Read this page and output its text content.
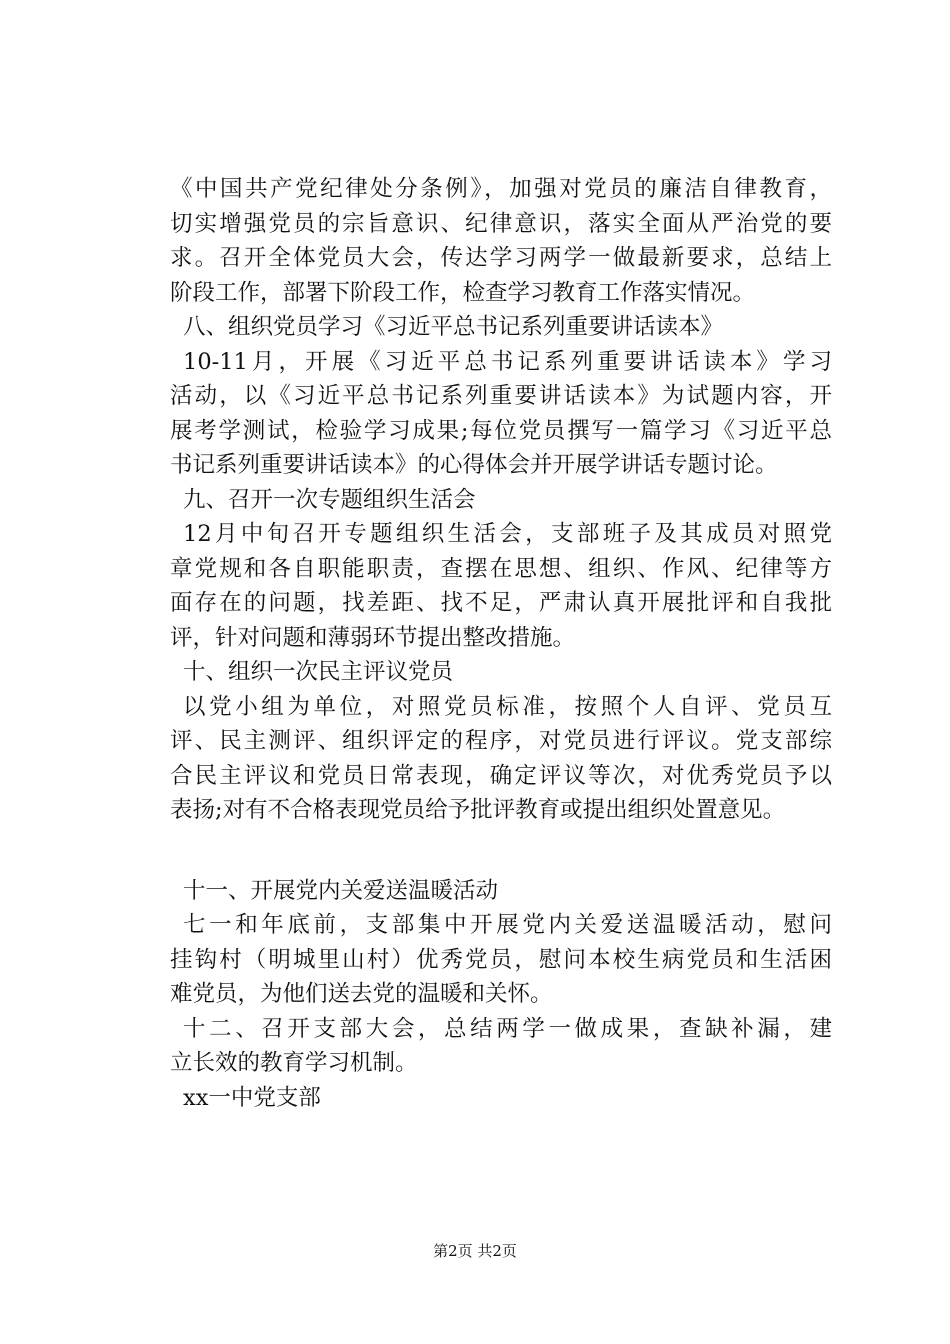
《中国共产党纪律处分条例》，加强对党员的廉洁自律教育，
切实增强党员的宗旨意识、纪律意识，落实全面从严治党的要
求。召开全体党员大会，传达学习两学一做最新要求，总结上
阶段工作，部署下阶段工作，检查学习教育工作落实情况。
八、组织党员学习《习近平总书记系列重要讲话读本》
10-11月，开展《习近平总书记系列重要讲话读本》学习
活动，以《习近平总书记系列重要讲话读本》为试题内容，开
展考学测试，检验学习成果;每位党员撰写一篇学习《习近平总
书记系列重要讲话读本》的心得体会并开展学讲话专题讨论。
九、召开一次专题组织生活会
12月中旬召开专题组织生活会，支部班子及其成员对照党
章党规和各自职能职责，查摆在思想、组织、作风、纪律等方
面存在的问题，找差距、找不足，严肃认真开展批评和自我批
评，针对问题和薄弱环节提出整改措施。
十、组织一次民主评议党员
以党小组为单位，对照党员标准，按照个人自评、党员互
评、民主测评、组织评定的程序，对党员进行评议。党支部综
合民主评议和党员日常表现，确定评议等次，对优秀党员予以
表扬;对有不合格表现党员给予批评教育或提出组织处置意见。
十一、开展党内关爱送温暖活动
七一和年底前，支部集中开展党内关爱送温暖活动，慰问
挂钩村（明城里山村）优秀党员，慰问本校生病党员和生活困
难党员，为他们送去党的温暖和关怀。
十二、召开支部大会，总结两学一做成果，查缺补漏，建
立长效的教育学习机制。
xx一中党支部
第2页 共2页
